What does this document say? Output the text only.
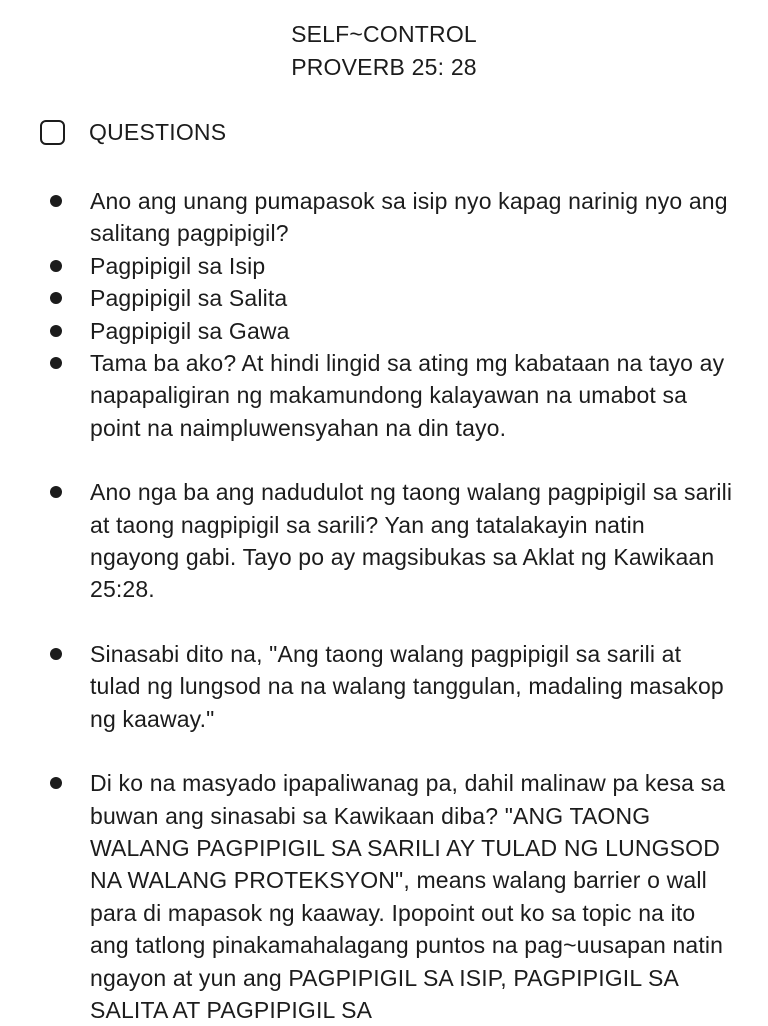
SELF~CONTROL
PROVERB 25: 28
QUESTIONS
Ano ang unang pumapasok sa isip nyo kapag narinig nyo ang salitang pagpipigil?
Pagpipigil sa Isip
Pagpipigil sa Salita
Pagpipigil sa Gawa
Tama ba ako? At hindi lingid sa ating mg kabataan na tayo ay napapaligiran ng makamundong kalayawan na umabot sa point na naimpluwensyahan na din tayo.
Ano nga ba ang nadudulot ng taong walang pagpipigil sa sarili at taong nagpipigil sa sarili? Yan ang tatalakayin natin ngayong gabi. Tayo po ay magsibukas sa Aklat ng Kawikaan 25:28.
Sinasabi dito na, "Ang taong walang pagpipigil sa sarili at tulad ng lungsod na na walang tanggulan, madaling masakop ng kaaway."
Di ko na masyado ipapaliwanag pa, dahil malinaw pa kesa sa buwan ang sinasabi sa Kawikaan diba? "ANG TAONG WALANG PAGPIPIGIL SA SARILI AY TULAD NG LUNGSOD NA WALANG PROTEKSYON", means walang barrier o wall para di mapasok ng kaaway. Ipopoint out ko sa topic na ito ang tatlong pinakamahalagang puntos na pag~uusapan natin ngayon at yun ang PAGPIPIGIL SA ISIP, PAGPIPIGIL SA SALITA AT PAGPIPIGIL SA
